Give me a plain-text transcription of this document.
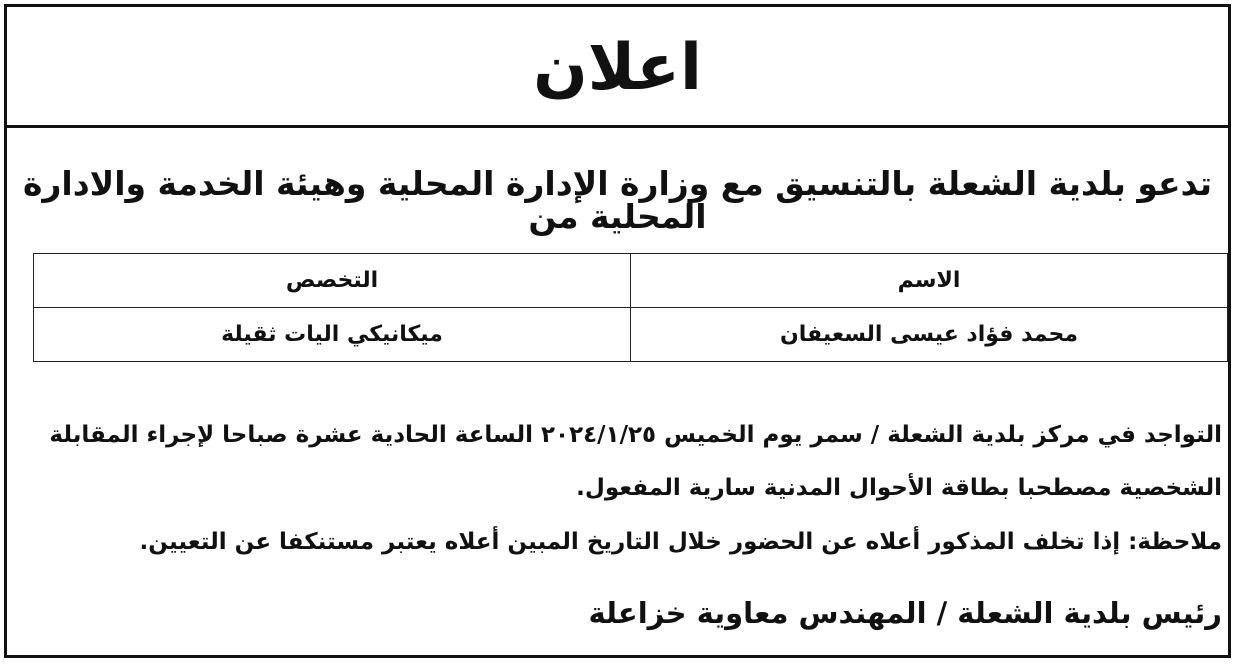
اعلان
تدعو بلدية الشعلة بالتنسيق مع وزارة الإدارة المحلية وهيئة الخدمة والادارة المحلية من
الاسم	التخصص
محمد فؤاد عيسى السعيفان	ميكانيكي اليات ثقيلة
التواجد في مركز بلدية الشعلة / سمر يوم الخميس ٢٠٢٤/١/٢٥ الساعة الحادية عشرة صباحا لإجراء المقابلة
الشخصية مصطحبا بطاقة الأحوال المدنية سارية المفعول.
ملاحظة: إذا تخلف المذكور أعلاه عن الحضور خلال التاريخ المبين أعلاه يعتبر مستنكفا عن التعيين.
رئيس بلدية الشعلة / المهندس معاوية خزاعلة
